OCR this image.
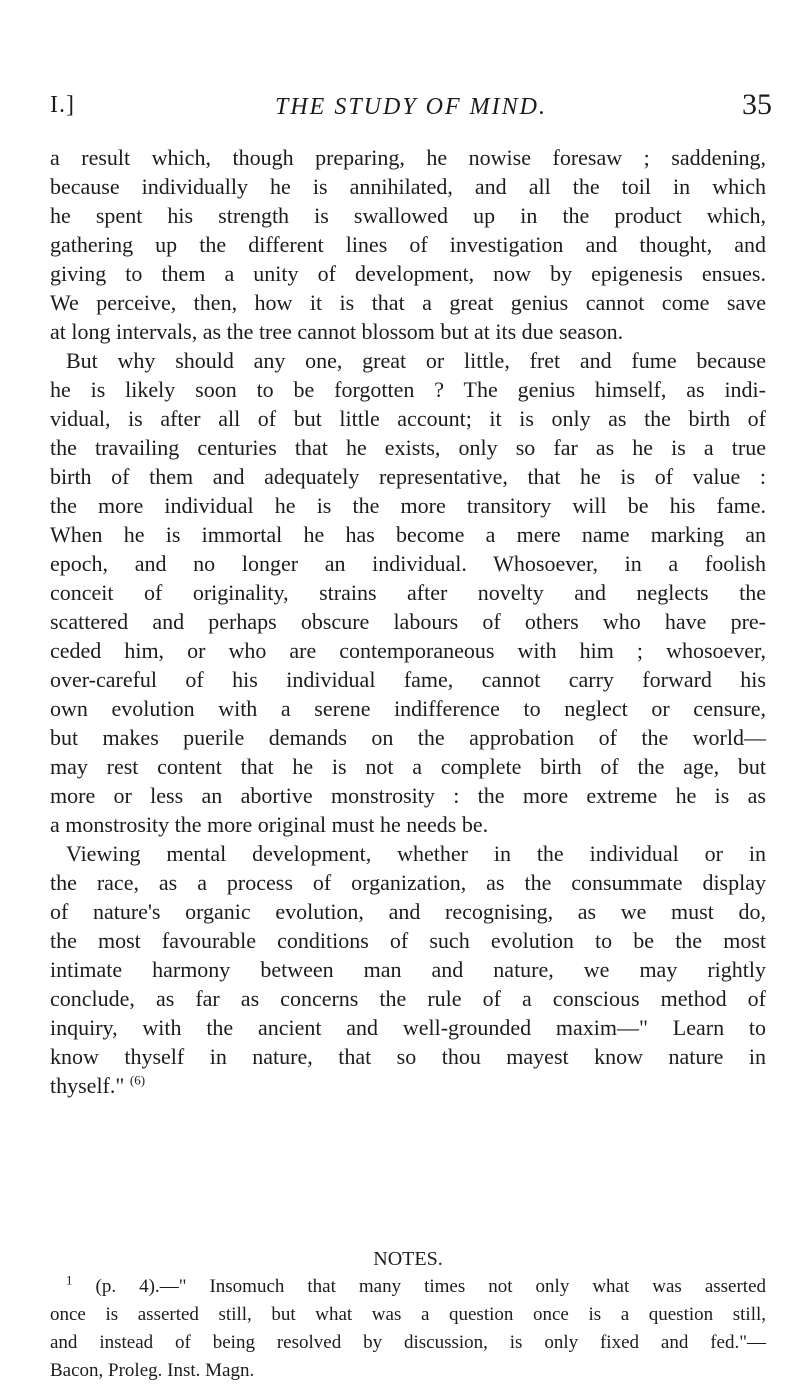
I.]	THE STUDY OF MIND.	35
a result which, though preparing, he nowise foresaw ; saddening,
because individually he is annihilated, and all the toil in which
he spent his strength is swallowed up in the product which,
gathering up the different lines of investigation and thought, and
giving to them a unity of development, now by epigenesis ensues.
We perceive, then, how it is that a great genius cannot come save
at long intervals, as the tree cannot blossom but at its due season.
But why should any one, great or little, fret and fume because
he is likely soon to be forgotten ? The genius himself, as indi-
vidual, is after all of but little account; it is only as the birth of
the travailing centuries that he exists, only so far as he is a true
birth of them and adequately representative, that he is of value :
the more individual he is the more transitory will be his fame.
When he is immortal he has become a mere name marking an
epoch, and no longer an individual. Whosoever, in a foolish
conceit of originality, strains after novelty and neglects the
scattered and perhaps obscure labours of others who have pre-
ceded him, or who are contemporaneous with him ; whosoever,
over-careful of his individual fame, cannot carry forward his
own evolution with a serene indifference to neglect or censure,
but makes puerile demands on the approbation of the world—
may rest content that he is not a complete birth of the age, but
more or less an abortive monstrosity : the more extreme he is as
a monstrosity the more original must he needs be.
Viewing mental development, whether in the individual or in
the race, as a process of organization, as the consummate display
of nature's organic evolution, and recognising, as we must do,
the most favourable conditions of such evolution to be the most
intimate harmony between man and nature, we may rightly
conclude, as far as concerns the rule of a conscious method of
inquiry, with the ancient and well-grounded maxim—" Learn to
know thyself in nature, that so thou mayest know nature in
thyself." $^{(6)}$
NOTES.
$^1$ (p. 4).—" Insomuch that many times not only what was asserted
once is asserted still, but what was a question once is a question still,
and instead of being resolved by discussion, is only fixed and fed."—
Bacon, Proleg. Inst. Magn.
